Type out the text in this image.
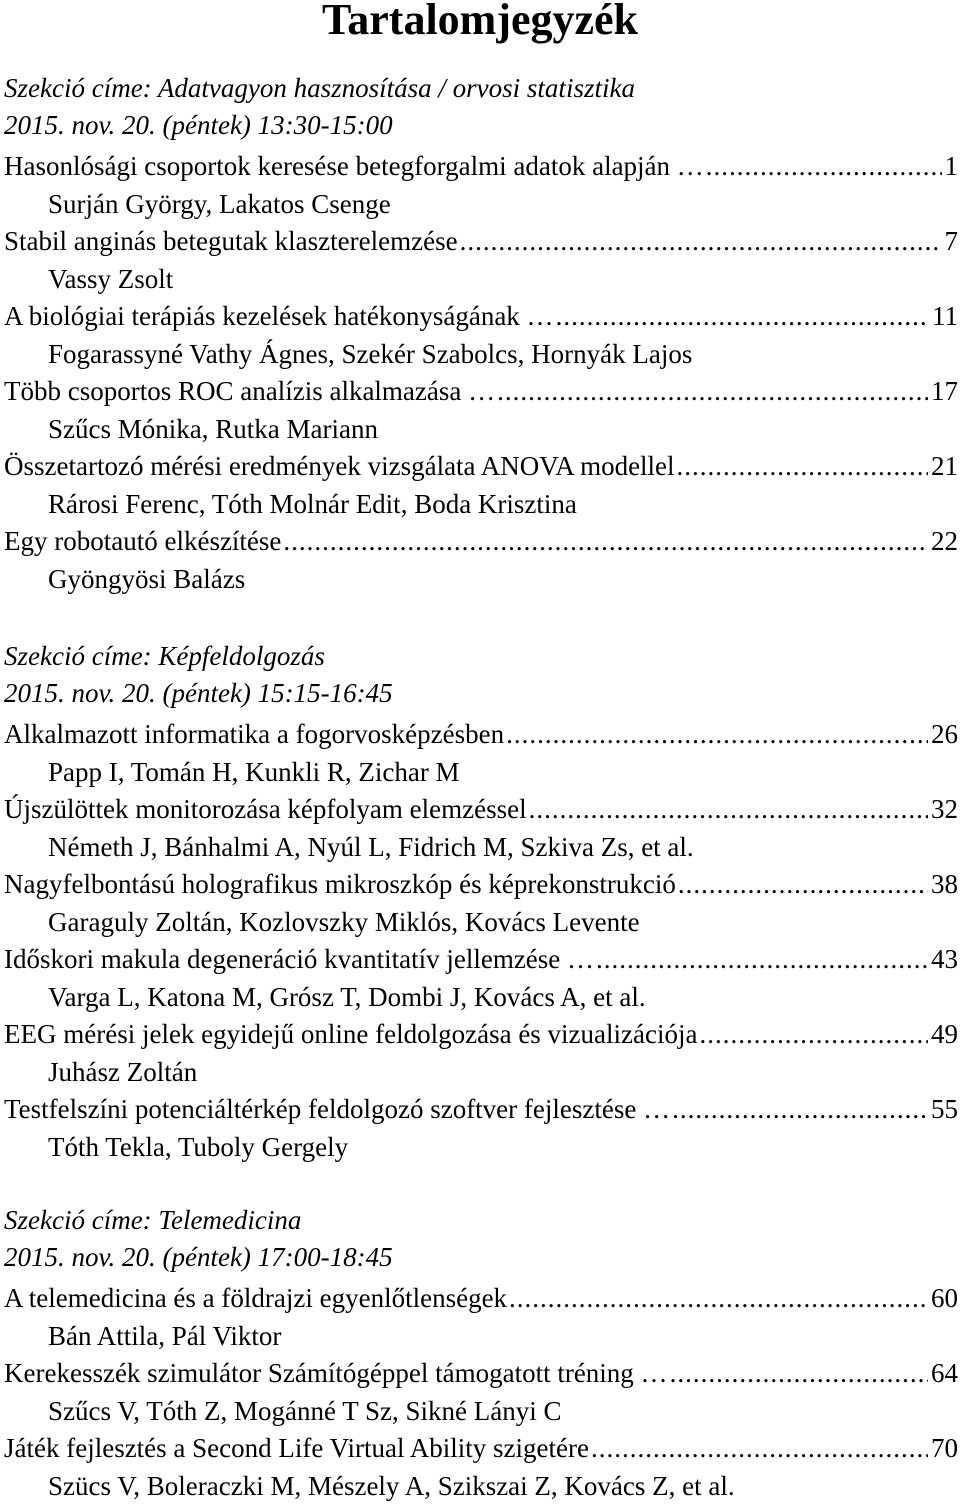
Tartalomjegyzék
Szekció címe: Adatvagyon hasznosítása / orvosi statisztika
2015. nov. 20. (péntek) 13:30-15:00
Hasonlósági csoportok keresése betegforgalmi adatok alapján … .....	1
Surján György, Lakatos Csenge
Stabil anginás betegutak klaszterelemzése .....	7
Vassy Zsolt
A biológiai terápiás kezelések hatékonyságának … .....	11
Fogarassyné Vathy Ágnes, Szekér Szabolcs, Hornyák Lajos
Több csoportos ROC analízis alkalmazása … .....	17
Szűcs Mónika, Rutka Mariann
Összetartozó mérési eredmények vizsgálata ANOVA modellel .....	21
Rárosi Ferenc, Tóth Molnár Edit, Boda Krisztina
Egy robotautó elkészítése .....	22
Gyöngyösi Balázs
Szekció címe: Képfeldolgozás
2015. nov. 20. (péntek) 15:15-16:45
Alkalmazott informatika a fogorvosképzésben .....	26
Papp I, Tomán H, Kunkli R, Zichar M
Újszülöttek monitorozása képfolyam elemzéssel .....	32
Németh J, Bánhalmi A, Nyúl L, Fidrich M, Szkiva Zs, et al.
Nagyfelbontású holografikus mikroszkóp és képrekonstrukció .....	38
Garaguly Zoltán, Kozlovszky Miklós, Kovács Levente
Időskori makula degeneráció kvantitatív jellemzése … .....	43
Varga L, Katona M, Grósz T, Dombi J, Kovács A, et al.
EEG mérési jelek egyidejű online feldolgozása és vizualizációja .....	49
Juhász Zoltán
Testfelszíni potenciáltérkép feldolgozó szoftver fejlesztése … .....	55
Tóth Tekla, Tuboly Gergely
Szekció címe: Telemedicina
2015. nov. 20. (péntek) 17:00-18:45
A telemedicina és a földrajzi egyenlőtlenségek .....	60
Bán Attila, Pál Viktor
Kerekesszék szimulátor Számítógéppel támogatott tréning … .....	64
Szűcs V, Tóth Z, Mogánné T Sz, Sikné Lányi C
Játék fejlesztés a Second Life Virtual Ability szigetére .....	70
Szücs V, Boleraczki M, Mészely A, Szikszai Z, Kovács Z, et al.
